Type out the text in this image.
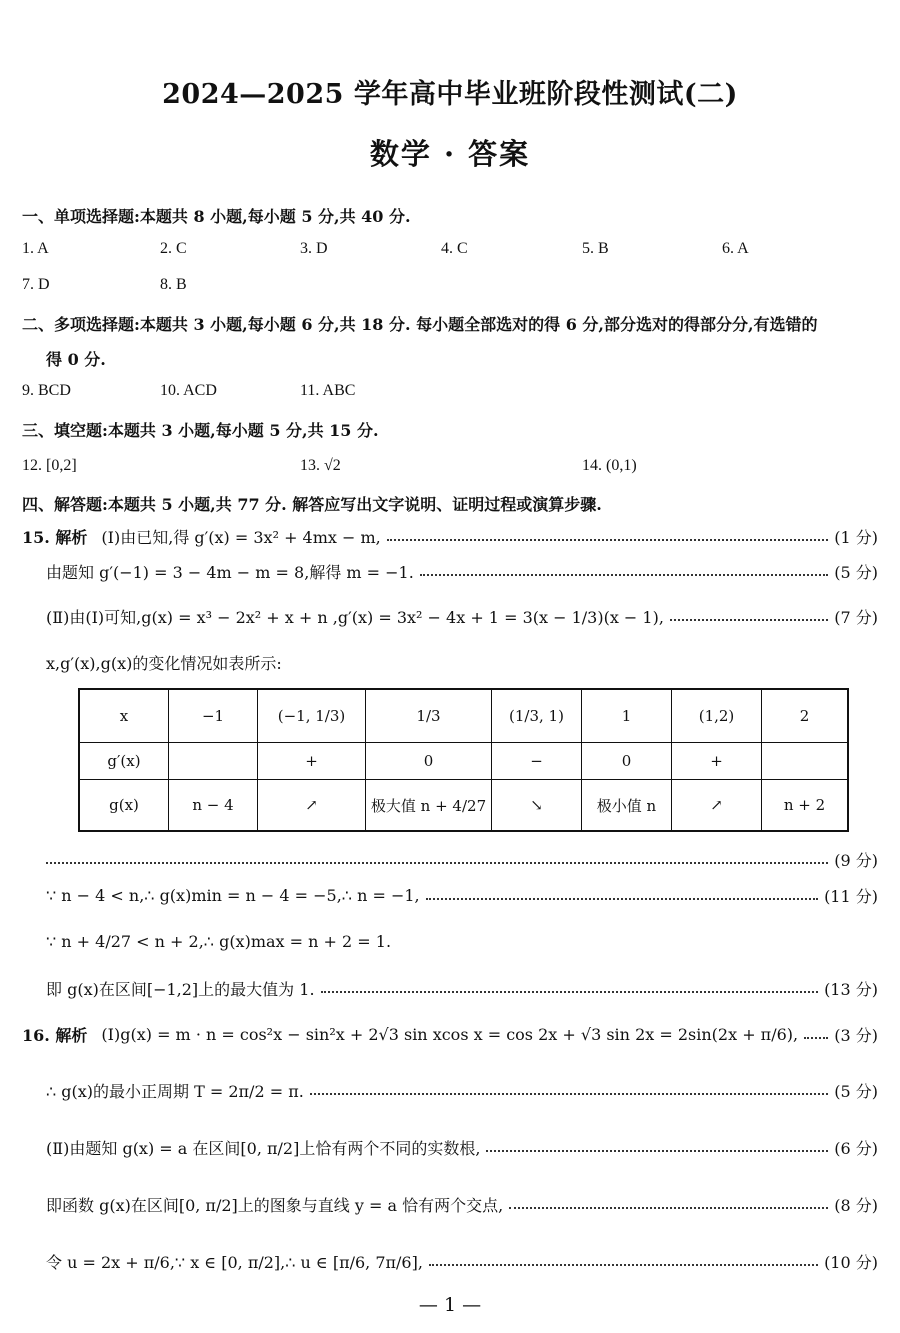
2024—2025 学年高中毕业班阶段性测试(二)
数学 · 答案
一、单项选择题:本题共 8 小题,每小题 5 分,共 40 分.
1. A	2. C	3. D	4. C	5. B	6. A
7. D	8. B
二、多项选择题:本题共 3 小题,每小题 6 分,共 18 分. 每小题全部选对的得 6 分,部分选对的得部分分,有选错的
得 0 分.
9. BCD	10. ACD	11. ABC
三、填空题:本题共 3 小题,每小题 5 分,共 15 分.
12. [0,2]	13. √2	14. (0,1)
四、解答题:本题共 5 小题,共 77 分. 解答应写出文字说明、证明过程或演算步骤.
15. 解析 (Ⅰ)由已知,得 g′(x) = 3x² + 4mx − m,	(1 分)
由题知 g′(−1) = 3 − 4m − m = 8,解得 m = −1.	(5 分)
(Ⅱ)由(Ⅰ)可知,g(x) = x³ − 2x² + x + n ,g′(x) = 3x² − 4x + 1 = 3(x − 1/3)(x − 1),	(7 分)
x,g′(x),g(x)的变化情况如表所示:
x	−1	(−1, 1/3)	1/3	(1/3, 1)	1	(1,2)	2
g′(x)		+	0	−	0	+	
g(x)	n − 4	↗	极大值 n + 4/27	↘	极小值 n	↗	n + 2
(9 分)
∵ n − 4 < n,∴ g(x)min = n − 4 = −5,∴ n = −1,	(11 分)
∵ n + 4/27 < n + 2,∴ g(x)max = n + 2 = 1.
即 g(x)在区间[−1,2]上的最大值为 1.	(13 分)
16. 解析 (Ⅰ)g(x) = m · n = cos²x − sin²x + 2√3 sin xcos x = cos 2x + √3 sin 2x = 2sin(2x + π/6), (3 分)
∴ g(x)的最小正周期 T = 2π/2 = π.	(5 分)
(Ⅱ)由题知 g(x) = a 在区间[0, π/2]上恰有两个不同的实数根,	(6 分)
即函数 g(x)在区间[0, π/2]上的图象与直线 y = a 恰有两个交点,	(8 分)
令 u = 2x + π/6,∵ x ∈ [0, π/2],∴ u ∈ [π/6, 7π/6],	(10 分)
— 1 —
